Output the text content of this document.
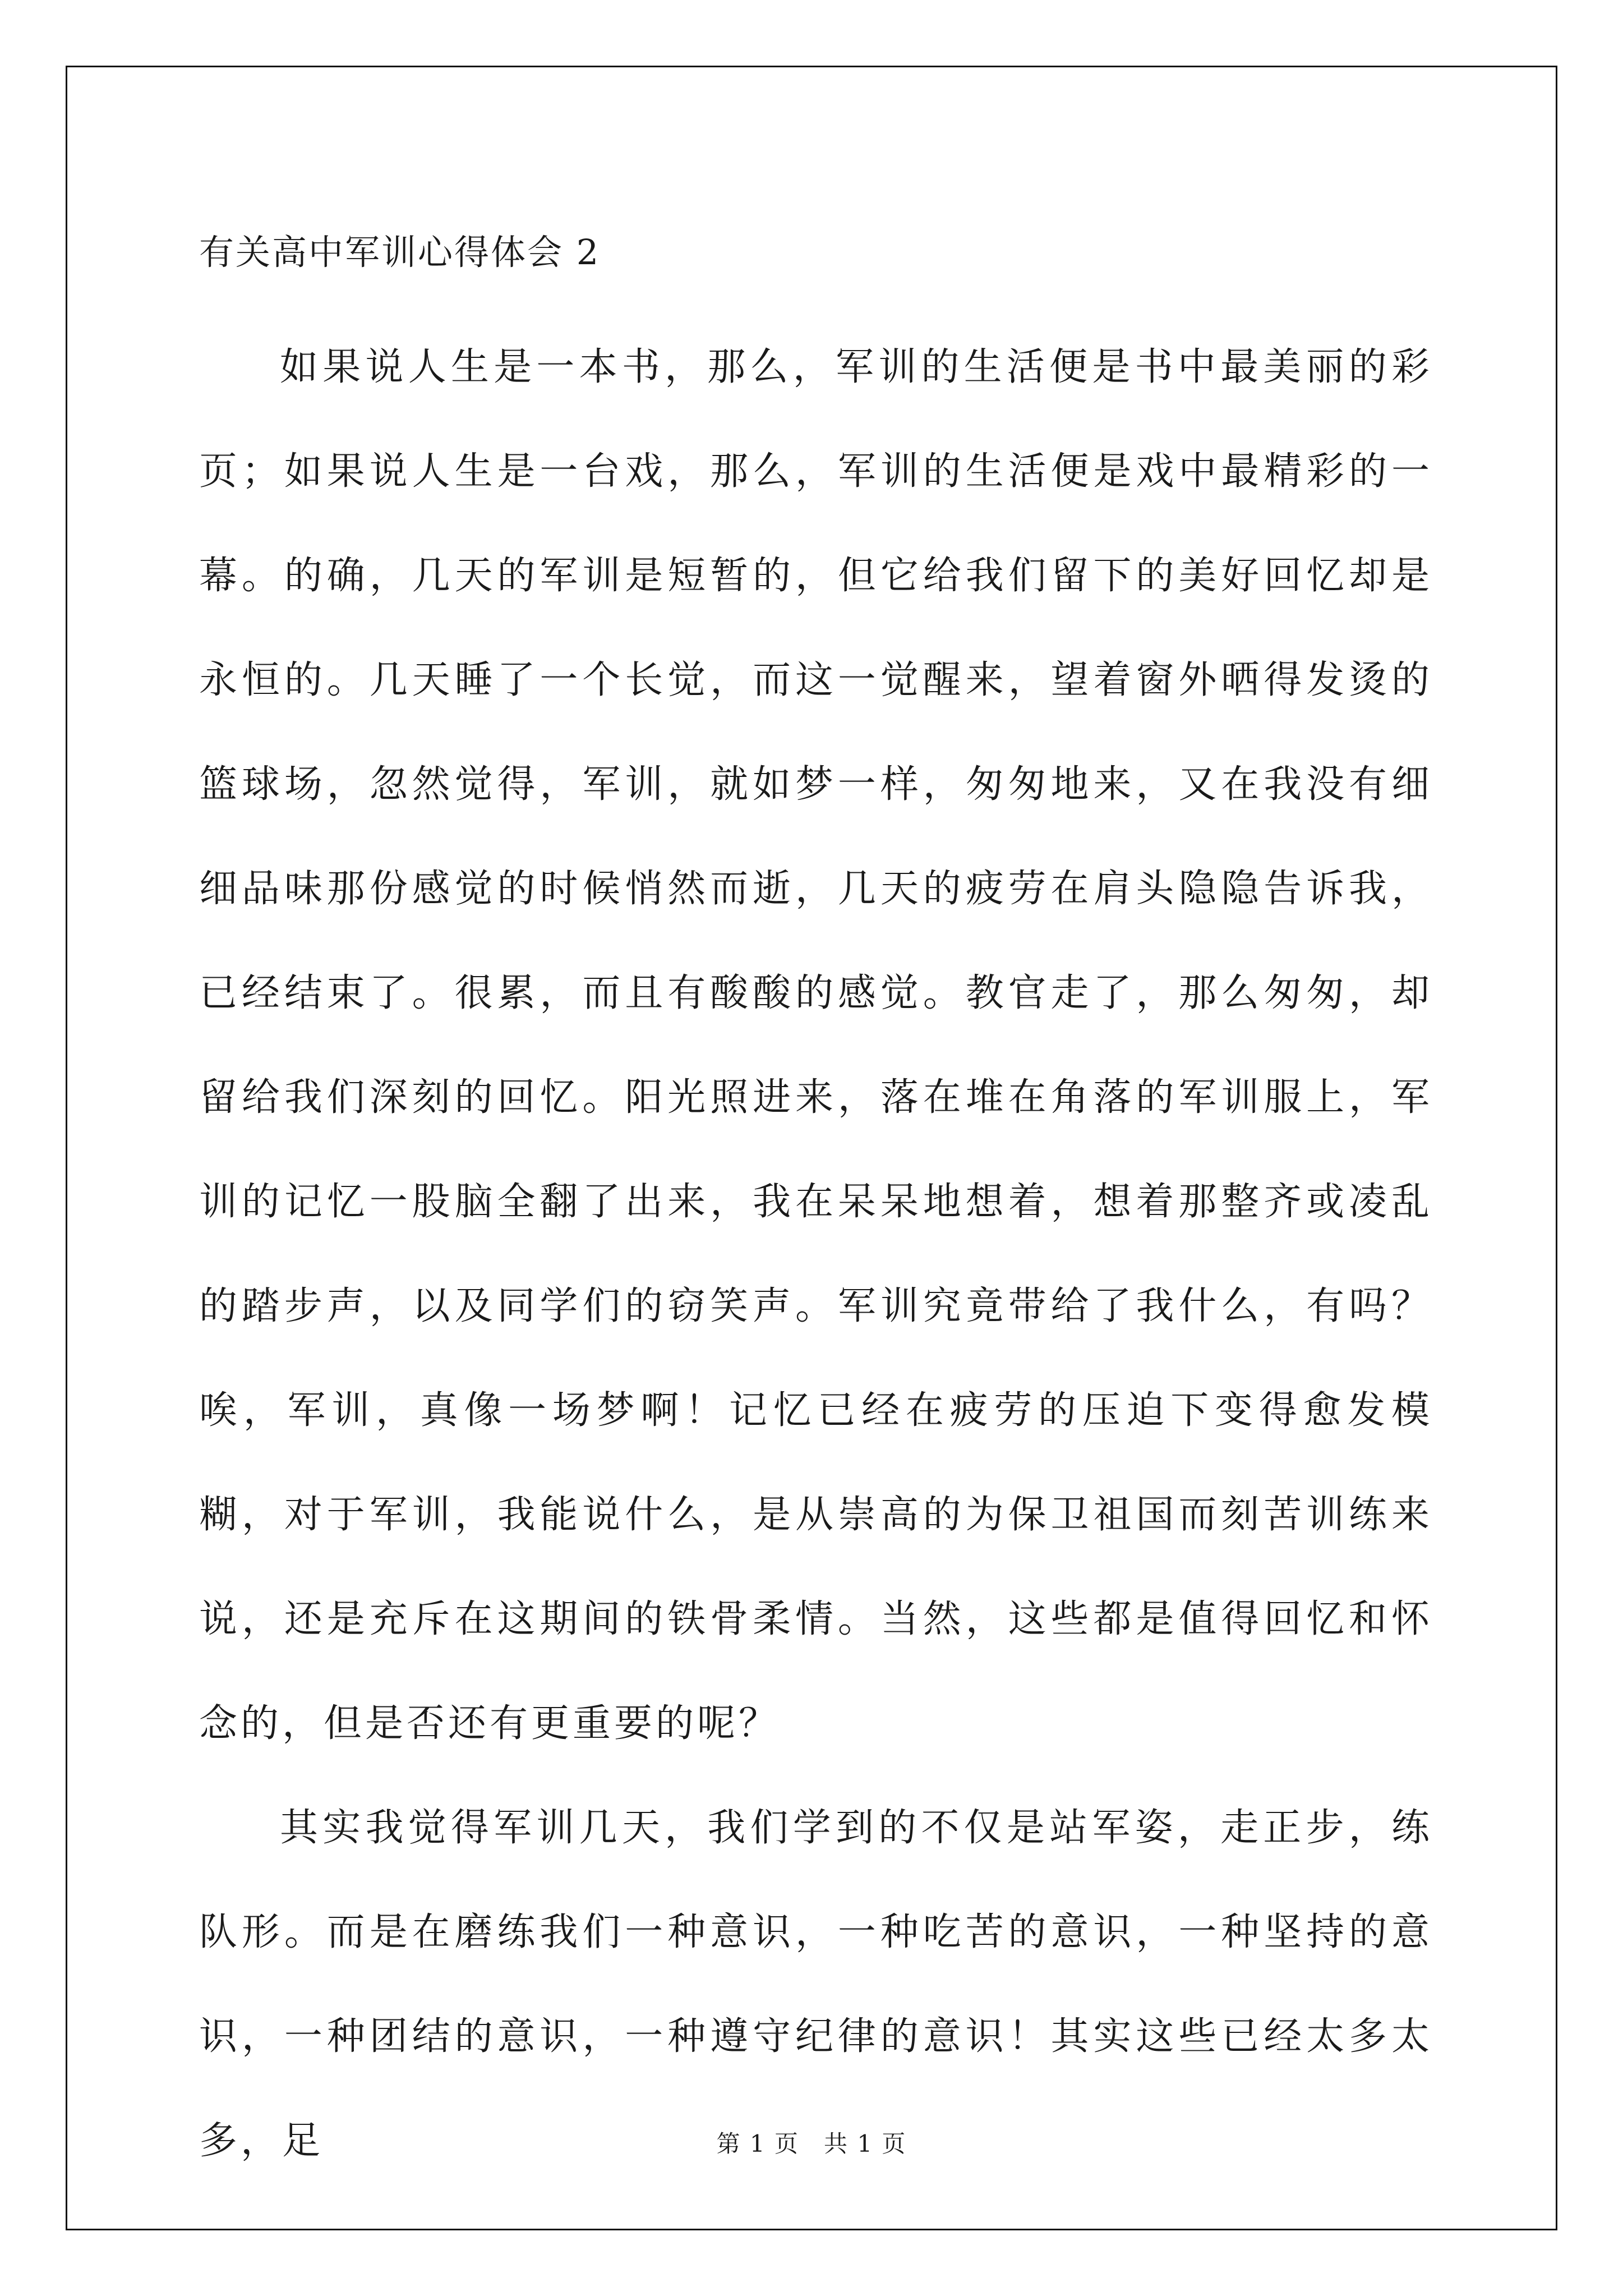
有关高中军训心得体会 2

如果说人生是一本书，那么，军训的生活便是书中最美丽的彩页；如果说人生是一台戏，那么，军训的生活便是戏中最精彩的一幕。的确，几天的军训是短暂的，但它给我们留下的美好回忆却是永恒的。几天睡了一个长觉，而这一觉醒来，望着窗外晒得发烫的篮球场，忽然觉得，军训，就如梦一样，匆匆地来，又在我没有细细品味那份感觉的时候悄然而逝，几天的疲劳在肩头隐隐告诉我，已经结束了。很累，而且有酸酸的感觉。教官走了，那么匆匆，却留给我们深刻的回忆。阳光照进来，落在堆在角落的军训服上，军训的记忆一股脑全翻了出来，我在呆呆地想着，想着那整齐或凌乱的踏步声，以及同学们的窃笑声。军训究竟带给了我什么，有吗？唉，军训，真像一场梦啊！记忆已经在疲劳的压迫下变得愈发模糊，对于军训，我能说什么，是从崇高的为保卫祖国而刻苦训练来说，还是充斥在这期间的铁骨柔情。当然，这些都是值得回忆和怀念的，但是否还有更重要的呢？

其实我觉得军训几天，我们学到的不仅是站军姿，走正步，练队形。而是在磨练我们一种意识，一种吃苦的意识，一种坚持的意识，一种团结的意识，一种遵守纪律的意识！其实这些已经太多太多，足	第 1 页　共 1 页
